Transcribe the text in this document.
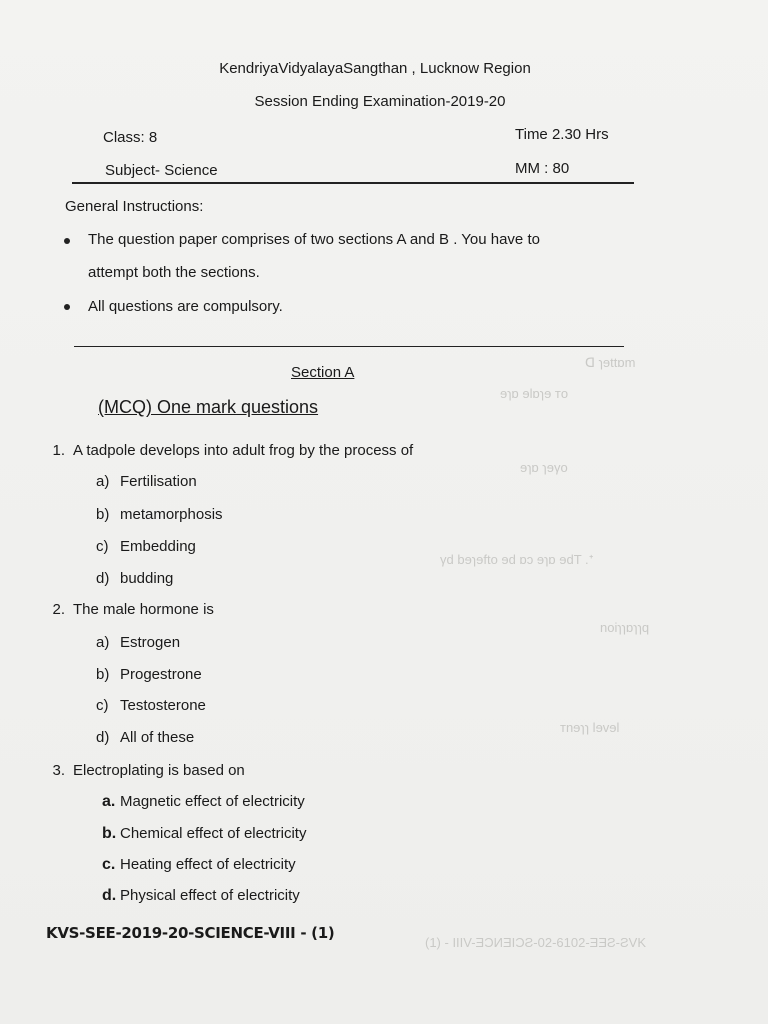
ᗡ ɿɘttɒm
ɘɿɒ ɘlɒɿɘ ᴛo
ɘɿɒ ɿɘγo
γd bɘɿɘfto ɘd ɒɔ ɘɿɒ ɘdT .ᐩ
noiɿɿɒɿɿq
ᴛnɘɿɿ lɘvɘl
(1) - IIIV-ƎƆИƎIƆƧ-02-6102-ƎƎƧ-ƧVK
KendriyaVidyalayaSangthan , Lucknow Region
Session Ending Examination-2019-20
Class: 8	Time 2.30 Hrs
Subject- Science	MM : 80
General Instructions:
The question paper comprises of two sections A and B . You have to
attempt both the sections.
All questions are compulsory.
Section A
(MCQ) One mark questions
1. A tadpole develops into adult frog by the process of
a) Fertilisation
b) metamorphosis
c) Embedding
d) budding
2. The male hormone is
a) Estrogen
b) Progestrone
c) Testosterone
d) All of these
3. Electroplating is based on
a. Magnetic effect of electricity
b. Chemical effect of electricity
c. Heating effect of electricity
d. Physical effect of electricity
KVS-SEE-2019-20-SCIENCE-VIII - (1)
